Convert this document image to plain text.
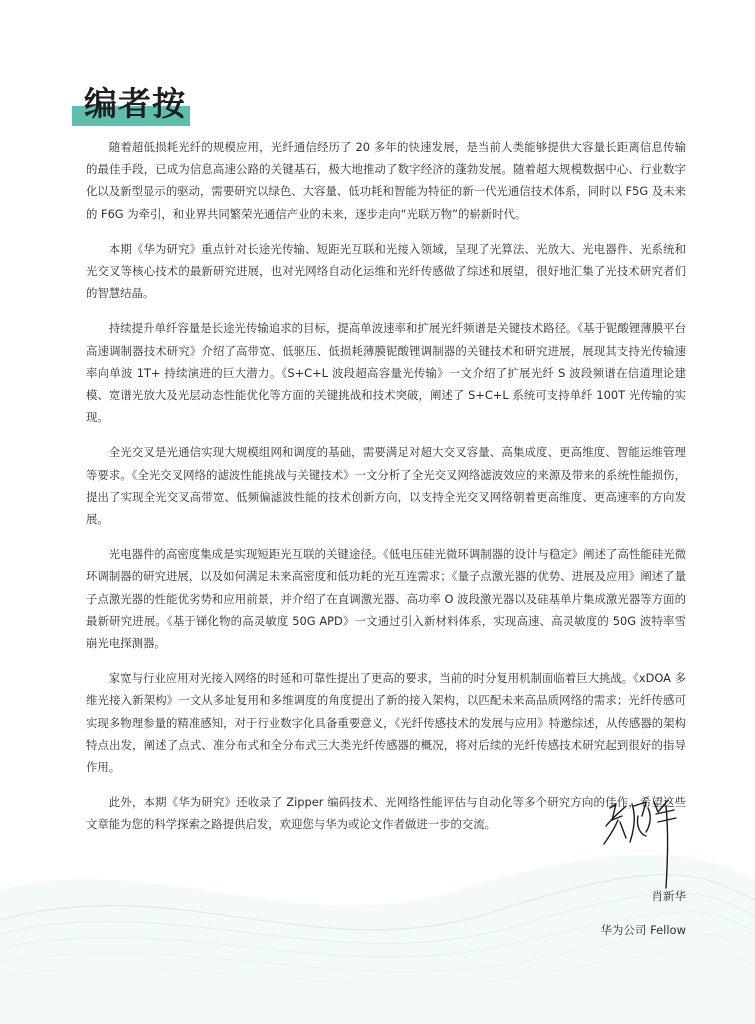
编者按

随着超低损耗光纤的规模应用，光纤通信经历了 20 多年的快速发展，是当前人类能够提供大容量长距离信息传输的最佳手段，已成为信息高速公路的关键基石，极大地推动了数字经济的蓬勃发展。随着超大规模数据中心、行业数字化以及新型显示的驱动，需要研究以绿色、大容量、低功耗和智能为特征的新一代光通信技术体系，同时以 F5G 及未来的 F6G 为牵引，和业界共同繁荣光通信产业的未来，逐步走向“光联万物”的崭新时代。

本期《华为研究》重点针对长途光传输、短距光互联和光接入领域，呈现了光算法、光放大、光电器件、光系统和光交叉等核心技术的最新研究进展，也对光网络自动化运维和光纤传感做了综述和展望，很好地汇集了光技术研究者们的智慧结晶。

持续提升单纤容量是长途光传输追求的目标，提高单波速率和扩展光纤频谱是关键技术路径。《基于铌酸锂薄膜平台高速调制器技术研究》介绍了高带宽、低驱压、低损耗薄膜铌酸锂调制器的关键技术和研究进展，展现其支持光传输速率向单波 1T+ 持续演进的巨大潜力。《S+C+L 波段超高容量光传输》一文介绍了扩展光纤 S 波段频谱在信道理论建模、宽谱光放大及光层动态性能优化等方面的关键挑战和技术突破，阐述了 S+C+L 系统可支持单纤 100T 光传输的实现。

全光交叉是光通信实现大规模组网和调度的基础，需要满足对超大交叉容量、高集成度、更高维度、智能运维管理等要求。《全光交叉网络的滤波性能挑战与关键技术》一文分析了全光交叉网络滤波效应的来源及带来的系统性能损伤，提出了实现全光交叉高带宽、低频偏滤波性能的技术创新方向，以支持全光交叉网络朝着更高维度、更高速率的方向发展。

光电器件的高密度集成是实现短距光互联的关键途径。《低电压硅光微环调制器的设计与稳定》阐述了高性能硅光微环调制器的研究进展，以及如何满足未来高密度和低功耗的光互连需求；《量子点激光器的优势、进展及应用》阐述了量子点激光器的性能优劣势和应用前景，并介绍了在直调激光器、高功率 O 波段激光器以及硅基单片集成激光器等方面的最新研究进展。《基于锑化物的高灵敏度 50G APD》一文通过引入新材料体系，实现高速、高灵敏度的 50G 波特率雪崩光电探测器。

家宽与行业应用对光接入网络的时延和可靠性提出了更高的要求，当前的时分复用机制面临着巨大挑战。《xDOA 多维光接入新架构》一文从多址复用和多维调度的角度提出了新的接入架构，以匹配未来高品质网络的需求；光纤传感可实现多物理参量的精准感知，对于行业数字化具备重要意义，《光纤传感技术的发展与应用》特邀综述，从传感器的架构特点出发，阐述了点式、准分布式和全分布式三大类光纤传感器的概况，将对后续的光纤传感技术研究起到很好的指导作用。

此外，本期《华为研究》还收录了 Zipper 编码技术、光网络性能评估与自动化等多个研究方向的佳作，希望这些文章能为您的科学探索之路提供启发，欢迎您与华为或论文作者做进一步的交流。

肖新华
华为公司 Fellow
